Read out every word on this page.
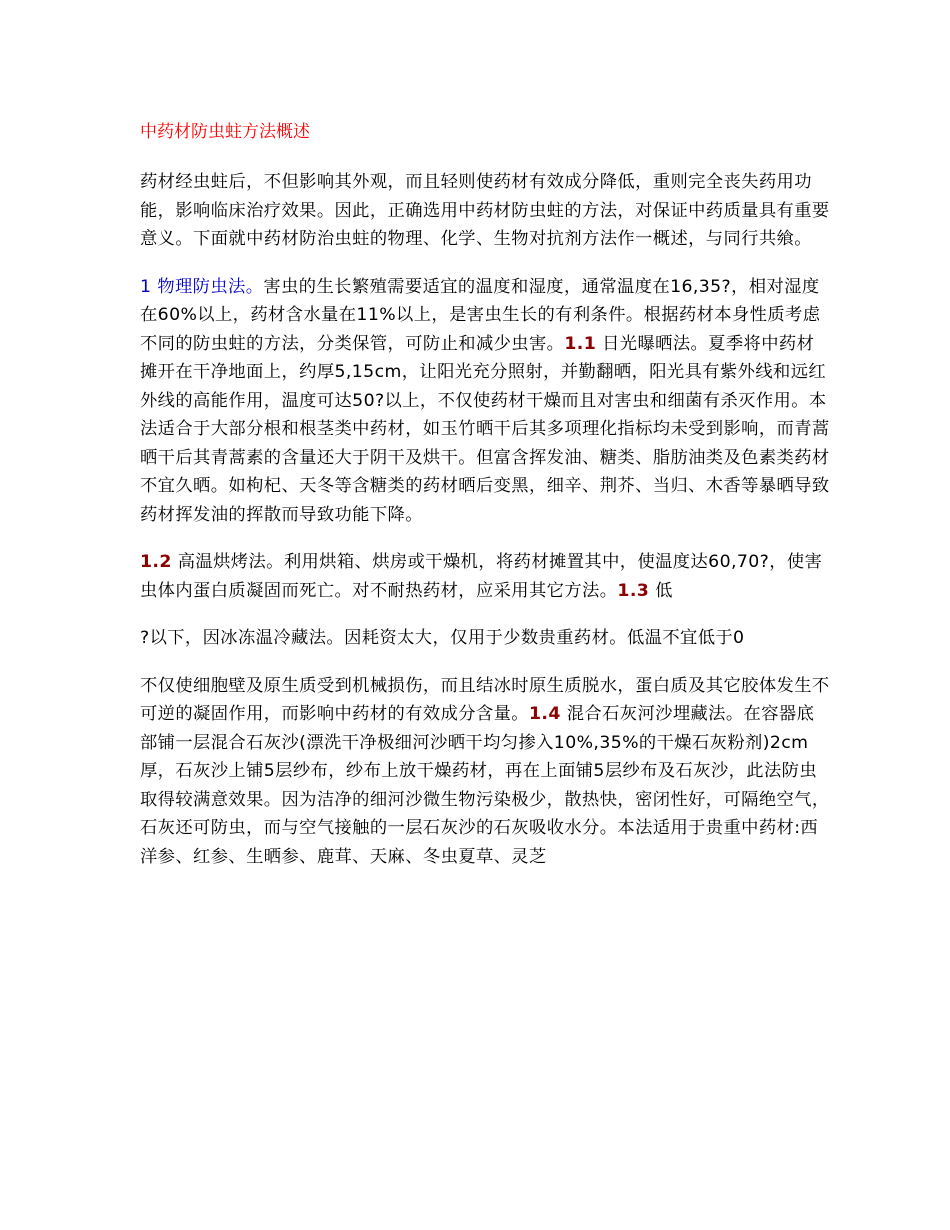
中药材防虫蛀方法概述

药材经虫蛀后，不但影响其外观，而且轻则使药材有效成分降低，重则完全丧失药用功能，影响临床治疗效果。因此，正确选用中药材防虫蛀的方法，对保证中药质量具有重要意义。下面就中药材防治虫蛀的物理、化学、生物对抗剂方法作一概述，与同行共飨。

1 物理防虫法。害虫的生长繁殖需要适宜的温度和湿度，通常温度在16,35?，相对湿度在60%以上，药材含水量在11%以上，是害虫生长的有利条件。根据药材本身性质考虑不同的防虫蛀的方法，分类保管，可防止和减少虫害。1.1 日光曝晒法。夏季将中药材摊开在干净地面上，约厚5,15cm，让阳光充分照射，并勤翻晒，阳光具有紫外线和远红外线的高能作用，温度可达50?以上，不仅使药材干燥而且对害虫和细菌有杀灭作用。本法适合于大部分根和根茎类中药材，如玉竹晒干后其多项理化指标均未受到影响，而青蒿晒干后其青蒿素的含量还大于阴干及烘干。但富含挥发油、糖类、脂肪油类及色素类药材不宜久晒。如枸杞、天冬等含糖类的药材晒后变黑，细辛、荆芥、当归、木香等暴晒导致药材挥发油的挥散而导致功能下降。

1.2 高温烘烤法。利用烘箱、烘房或干燥机，将药材摊置其中，使温度达60,70?，使害虫体内蛋白质凝固而死亡。对不耐热药材，应采用其它方法。1.3 低

?以下，因冰冻温冷藏法。因耗资太大，仅用于少数贵重药材。低温不宜低于0

不仅使细胞壁及原生质受到机械损伤，而且结冰时原生质脱水，蛋白质及其它胶体发生不可逆的凝固作用，而影响中药材的有效成分含量。1.4 混合石灰河沙埋藏法。在容器底部铺一层混合石灰沙(漂洗干净极细河沙晒干均匀掺入10%,35%的干燥石灰粉剂)2cm厚，石灰沙上铺5层纱布，纱布上放干燥药材，再在上面铺5层纱布及石灰沙，此法防虫取得较满意效果。因为洁净的细河沙微生物污染极少，散热快，密闭性好，可隔绝空气，石灰还可防虫，而与空气接触的一层石灰沙的石灰吸收水分。本法适用于贵重中药材:西洋参、红参、生晒参、鹿茸、天麻、冬虫夏草、灵芝
